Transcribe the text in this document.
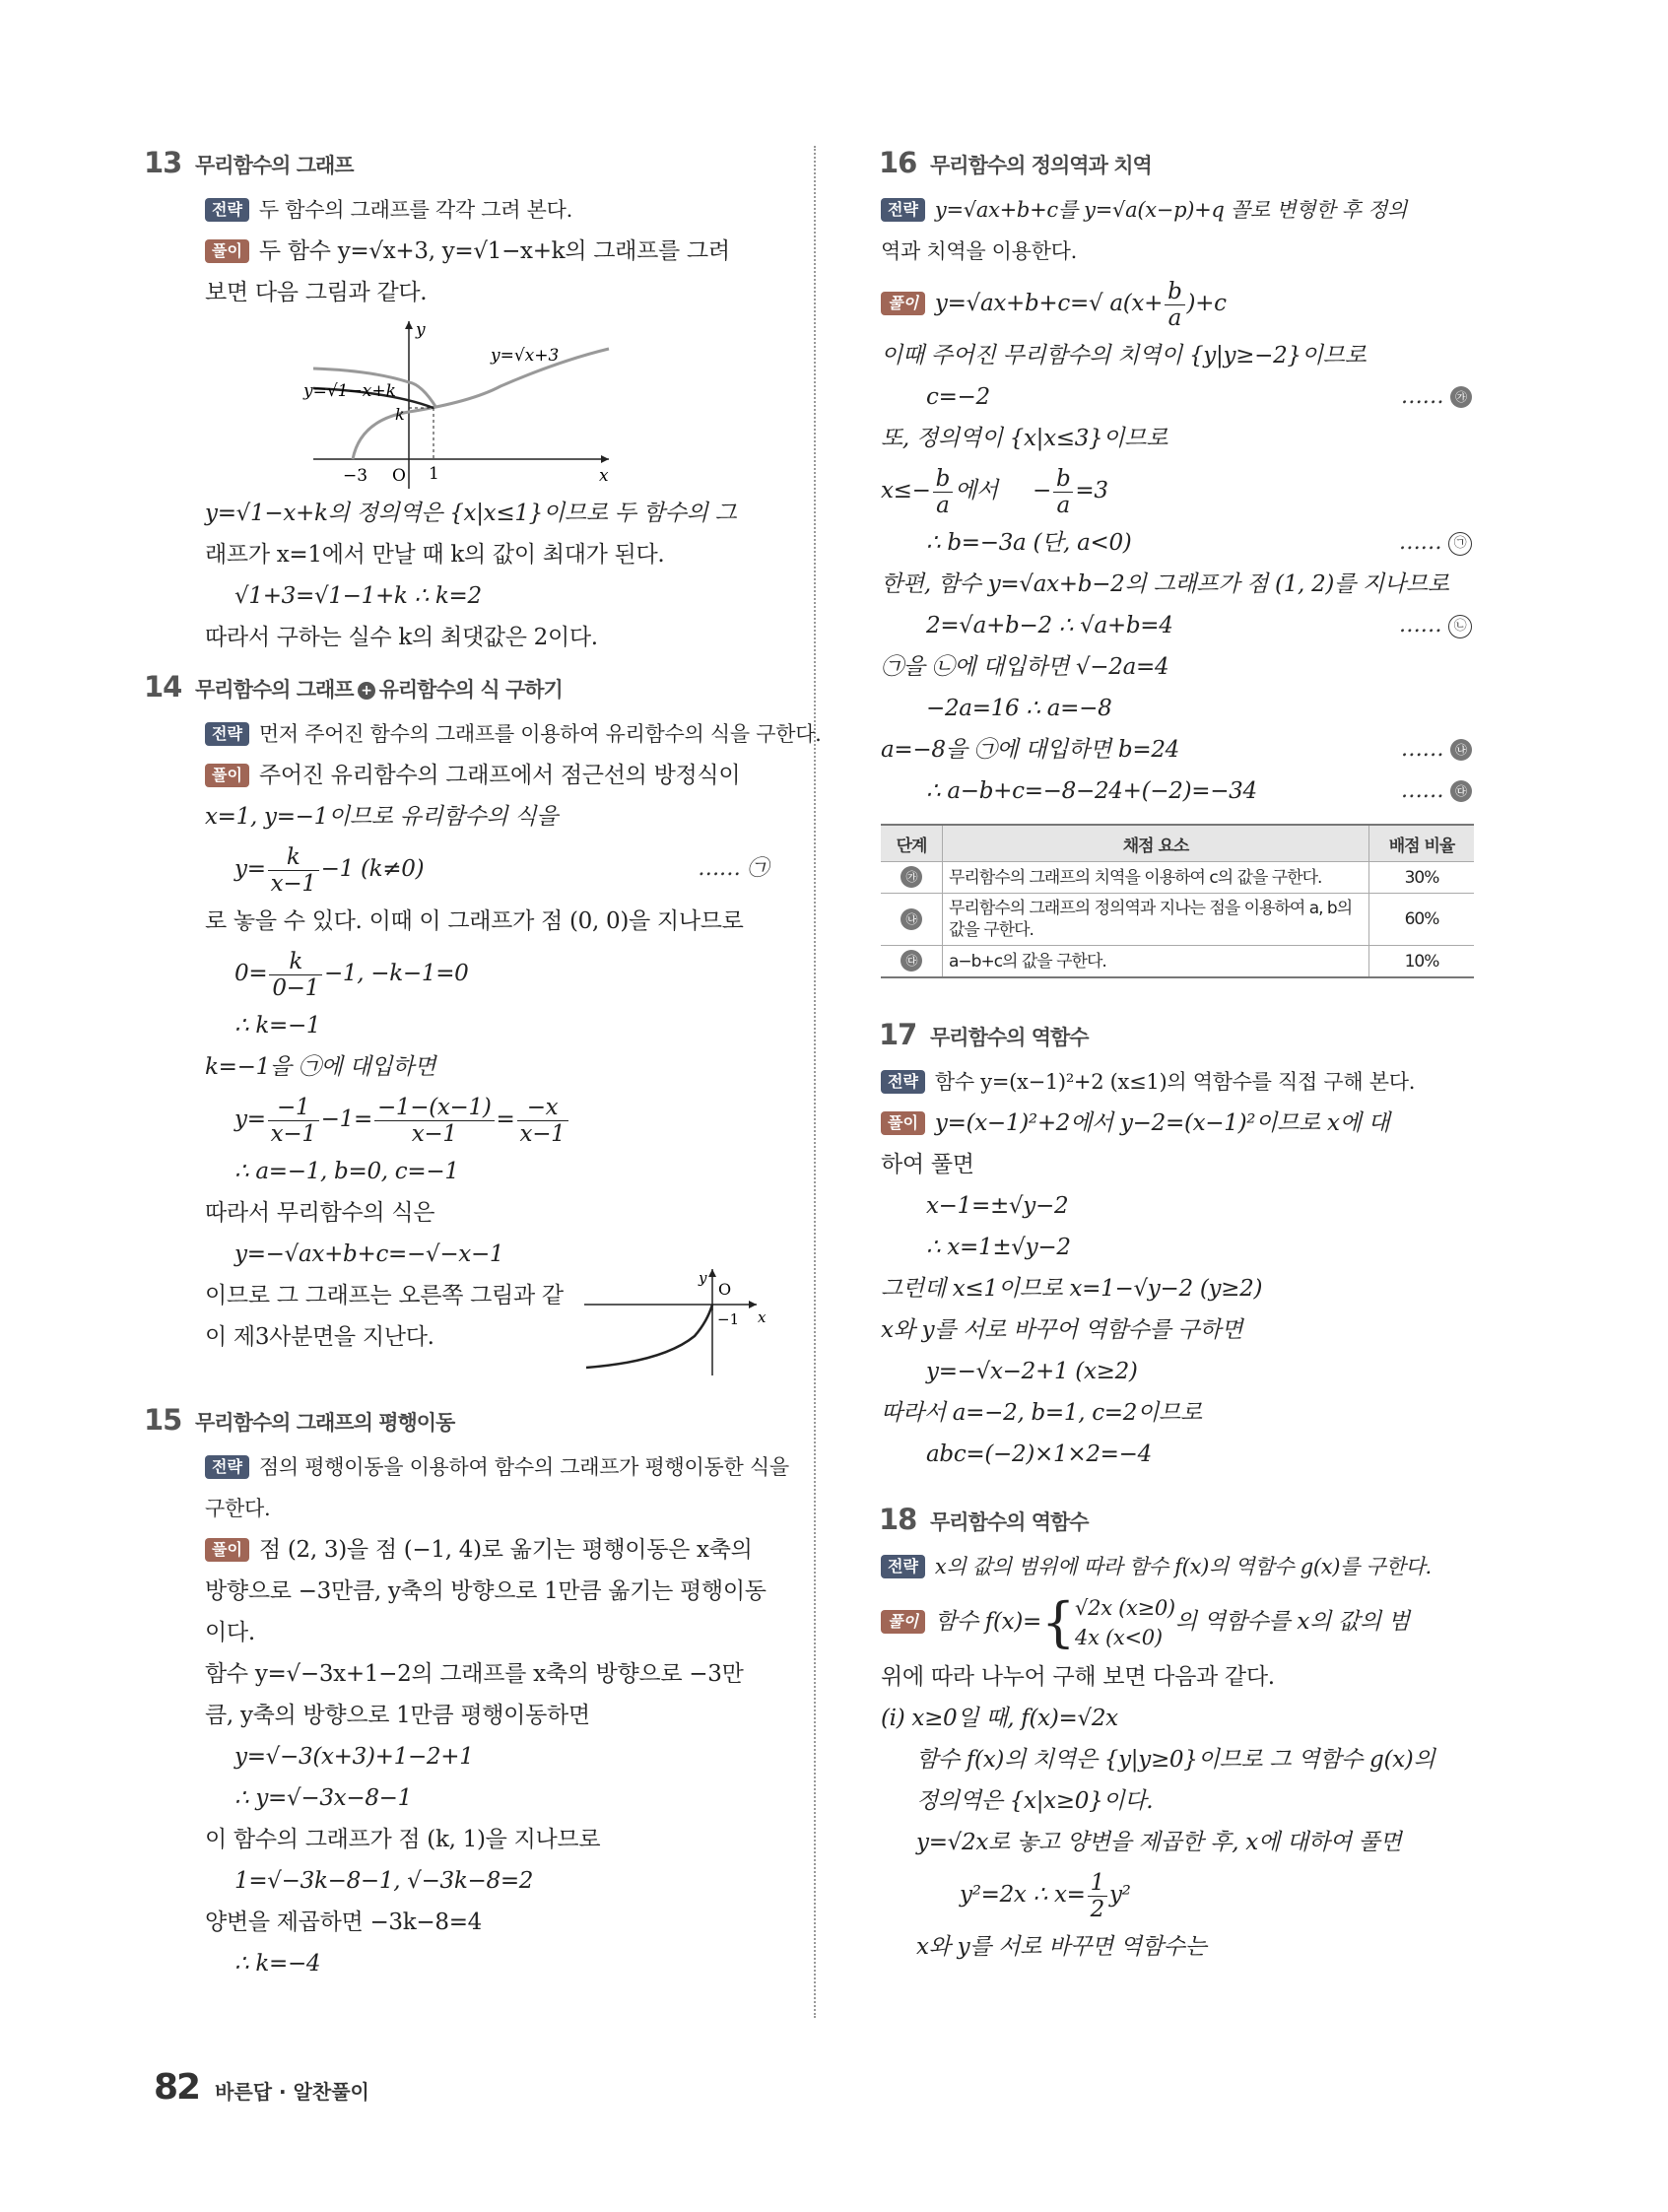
13 무리함수의 그래프
전략 두 함수의 그래프를 각각 그려 본다.
풀이 두 함수 y=√x+3, y=√1−x+k의 그래프를 그려
보면 다음 그림과 같다.
y
x
O
−3	1
k
y=√x+3
y=√1−x+k
y=√1−x+k의 정의역은 {x|x≤1}이므로 두 함수의 그
래프가 x=1에서 만날 때 k의 값이 최대가 된다.
√1+3=√1−1+k ∴ k=2
따라서 구하는 실수 k의 최댓값은 2이다.
14 무리함수의 그래프 + 유리함수의 식 구하기
전략 먼저 주어진 함수의 그래프를 이용하여 유리함수의 식을 구한다.
풀이 주어진 유리함수의 그래프에서 점근선의 방정식이
x=1, y=−1이므로 유리함수의 식을
$y= \frac{k}{x-1} -1$ (k≠0)	…… ㉠
로 놓을 수 있다. 이때 이 그래프가 점 (0, 0)을 지나므로
$0= \frac{k}{0-1} -1$, −k−1=0
∴ k=−1
k=−1을 ㉠에 대입하면
$y= \frac{-1}{x-1} -1= \frac{-1-(x-1)}{x-1} = \frac{-x}{x-1}$
∴ a=−1, b=0, c=−1
따라서 무리함수의 식은
y=−√ax+b+c=−√−x−1
이므로 그 그래프는 오른쪽 그림과 같
이 제3사분면을 지난다.
y
O
x
−1
15 무리함수의 그래프의 평행이동
전략 점의 평행이동을 이용하여 함수의 그래프가 평행이동한 식을
구한다.
풀이 점 (2, 3)을 점 (−1, 4)로 옮기는 평행이동은 x축의
방향으로 −3만큼, y축의 방향으로 1만큼 옮기는 평행이동
이다.
함수 y=√−3x+1−2의 그래프를 x축의 방향으로 −3만
큼, y축의 방향으로 1만큼 평행이동하면
y=√−3(x+3)+1−2+1
∴ y=√−3x−8−1
이 함수의 그래프가 점 (k, 1)을 지나므로
1=√−3k−8−1, √−3k−8=2
양변을 제곱하면 −3k−8=4
∴ k=−4
16 무리함수의 정의역과 치역
전략 y=√ax+b+c를 y=√a(x−p)+q 꼴로 변형한 후 정의
역과 치역을 이용한다.
풀이 y=√ax+b+c=√ $a(x+ \frac{b}{a} )+c$
이때 주어진 무리함수의 치역이 {y|y≥−2}이므로
c=−2	…… ㉮
또, 정의역이 {x|x≤3}이므로
$x\le- \frac{b}{a}$ 에서 − $\frac{b}{a} =3$
∴ b=−3a (단, a<0)	…… ㉠
한편, 함수 y=√ax+b−2의 그래프가 점 (1, 2)를 지나므로
2=√a+b−2 ∴ √a+b=4	…… ㉡
㉠을 ㉡에 대입하면 √−2a=4
−2a=16 ∴ a=−8
a=−8을 ㉠에 대입하면 b=24	…… ㉯
∴ a−b+c=−8−24+(−2)=−34	…… ㉰
단계	채점 요소	배점 비율
㉮	무리함수의 그래프의 치역을 이용하여 c의 값을 구한다.	30%
㉯	무리함수의 그래프의 정의역과 지나는 점을 이용하여 a, b의 값을 구한다.	60%
㉰	a−b+c의 값을 구한다.	10%
17 무리함수의 역함수
전략 함수 y=(x−1)²+2 (x≤1)의 역함수를 직접 구해 본다.
풀이 y=(x−1)²+2에서 y−2=(x−1)²이므로 x에 대
하여 풀면
x−1=±√y−2
∴ x=1±√y−2
그런데 x≤1이므로 x=1−√y−2 (y≥2)
x와 y를 서로 바꾸어 역함수를 구하면
y=−√x−2+1 (x≥2)
따라서 a=−2, b=1, c=2이므로
abc=(−2)×1×2=−4
18 무리함수의 역함수
전략 x의 값의 범위에 따라 함수 f(x)의 역함수 g(x)를 구한다.
풀이 함수 f(x)={ √2x (x≥0)
4x (x<0)
의 역함수를 x의 값의 범
위에 따라 나누어 구해 보면 다음과 같다.
(i) x≥0일 때, f(x)=√2x
함수 f(x)의 치역은 {y|y≥0}이므로 그 역함수 g(x)의
정의역은 {x|x≥0}이다.
y=√2x로 놓고 양변을 제곱한 후, x에 대하여 풀면
y²=2x ∴ $x= \frac{1}{2} y^2$
x와 y를 서로 바꾸면 역함수는
82 바른답 · 알찬풀이
